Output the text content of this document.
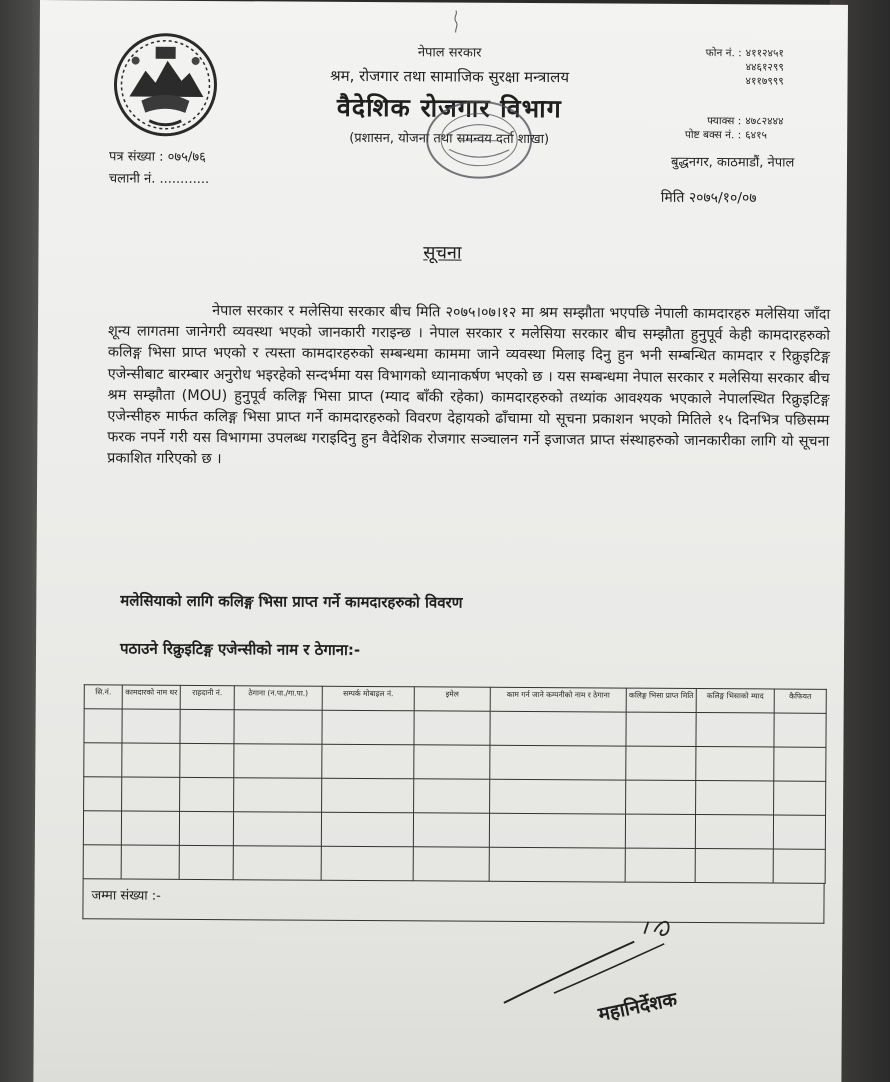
नेपाल सरकार
श्रम, रोजगार तथा सामाजिक सुरक्षा मन्त्रालय
वैदेशिक रोजगार विभाग
(प्रशासन, योजना तथा समन्वय दर्ता शाखा)
फोन नं. : ४११२४५१
४४६१२९९
४११७९९९
फ्याक्स : ४७८२४४४
पोष्ट बक्स नं. : ६४१५
पत्र संख्या : ०७५/७६
चलानी नं. ............
बुद्धनगर, काठमाडौं, नेपाल
मिति २०७५/१०/०७
सूचना
नेपाल सरकार र मलेसिया सरकार बीच मिति २०७५।०७।१२ मा श्रम सम्झौता भएपछि नेपाली कामदारहरु मलेसिया जाँदा शून्य लागतमा जानेगरी व्यवस्था भएको जानकारी गराइन्छ । नेपाल सरकार र मलेसिया सरकार बीच सम्झौता हुनुपूर्व केही कामदारहरुको कलिङ्ग भिसा प्राप्त भएको र त्यस्ता कामदारहरुको सम्बन्धमा काममा जाने व्यवस्था मिलाइ दिनु हुन भनी सम्बन्धित कामदार र रिक्रुइटिङ्ग एजेन्सीबाट बारम्बार अनुरोध भइरहेको सन्दर्भमा यस विभागको ध्यानाकर्षण भएको छ । यस सम्बन्धमा नेपाल सरकार र मलेसिया सरकार बीच श्रम सम्झौता (MOU) हुनुपूर्व कलिङ्ग भिसा प्राप्त (म्याद बाँकी रहेका) कामदारहरुको तथ्यांक आवश्यक भएकाले नेपालस्थित रिक्रुइटिङ्ग एजेन्सीहरु मार्फत कलिङ्ग भिसा प्राप्त गर्ने कामदारहरुको विवरण देहायको ढाँचामा यो सूचना प्रकाशन भएको मितिले १५ दिनभित्र पछिसम्म फरक नपर्ने गरी यस विभागमा उपलब्ध गराइदिनु हुन वैदेशिक रोजगार सञ्चालन गर्ने इजाजत प्राप्त संस्थाहरुको जानकारीका लागि यो सूचना प्रकाशित गरिएको छ ।
मलेसियाको लागि कलिङ्ग भिसा प्राप्त गर्ने कामदारहरुको विवरण
पठाउने रिक्रुइटिङ्ग एजेन्सीको नाम र ठेगाना:-
सि.नं.	कामदारको नाम थर	राहदानी नं.	ठेगाना (न.पा./गा.पा.)	सम्पर्क मोबाइल नं.	इमेल	काम गर्न जाने कम्पनीको नाम र ठेगाना	कलिङ्ग भिसा प्राप्त मिति	कलिङ्ग भिसाको म्याद	कैफियत

जम्मा संख्या :-
महानिर्देशक
